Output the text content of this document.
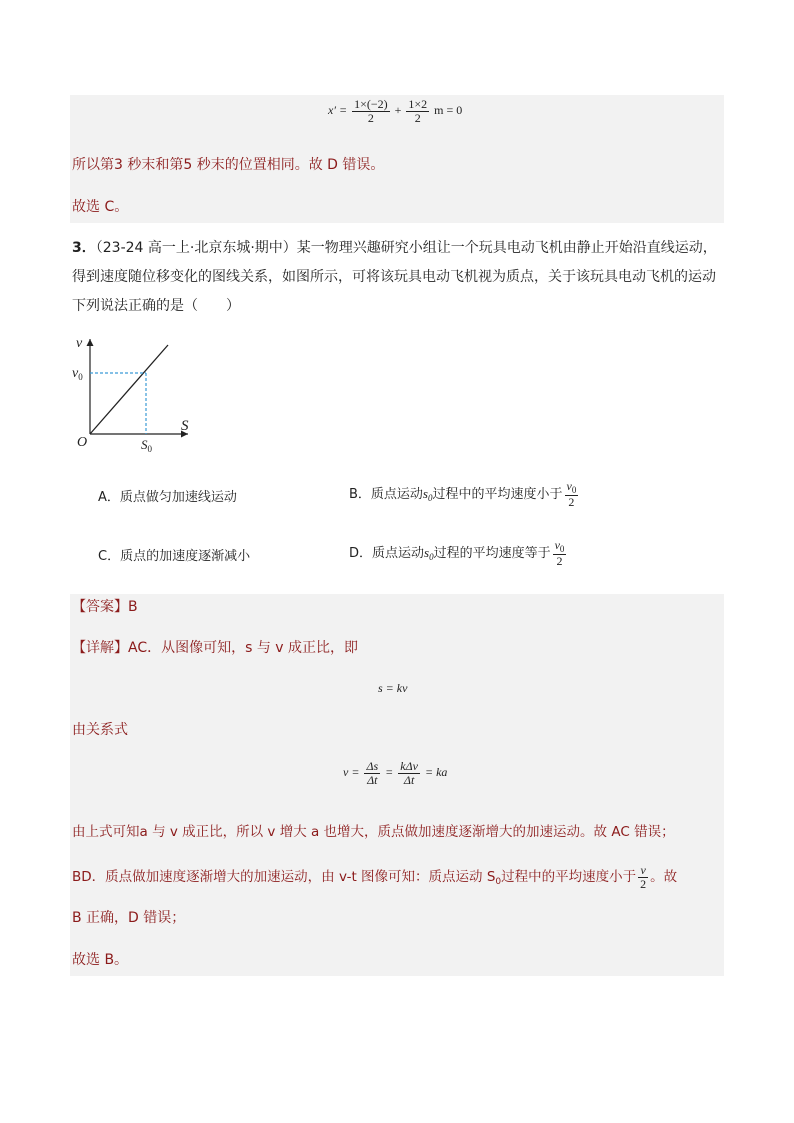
$x' = \frac{1\times(-2)}{2} + \frac{1\times 2}{2}$ m = 0
所以第3 秒末和第5 秒末的位置相同。故 D 错误。
故选 C。
3．（23-24 高一上·北京东城·期中）某一物理兴趣研究小组让一个玩具电动飞机由静止开始沿直线运动，得到速度随位移变化的图线关系，如图所示，可将该玩具电动飞机视为质点，关于该玩具电动飞机的运动下列说法正确的是（　　）
v
S
O
$v_0$
$S_0$
A．质点做匀加速线运动	B．质点运动$s_0$过程中的平均速度小于 $\frac{v_0}{2}$
C．质点的加速度逐渐减小	D．质点运动$s_0$过程的平均速度等于 $\frac{v_0}{2}$
【答案】B
【详解】AC．从图像可知，s 与 v 成正比，即
s = kv
由关系式
$v = \frac{\Delta s}{\Delta t} = \frac{\text{kΔv}}{\Delta t}$ = ka
由上式可知a 与 v 成正比，所以 v 增大 a 也增大，质点做加速度逐渐增大的加速运动。故 AC 错误；
BD．质点做加速度逐渐增大的加速运动，由 v-t 图像可知：质点运动 $S_0$过程中的平均速度小于 $\frac{v}{2}$ 。故
B 正确，D 错误；
故选 B。
